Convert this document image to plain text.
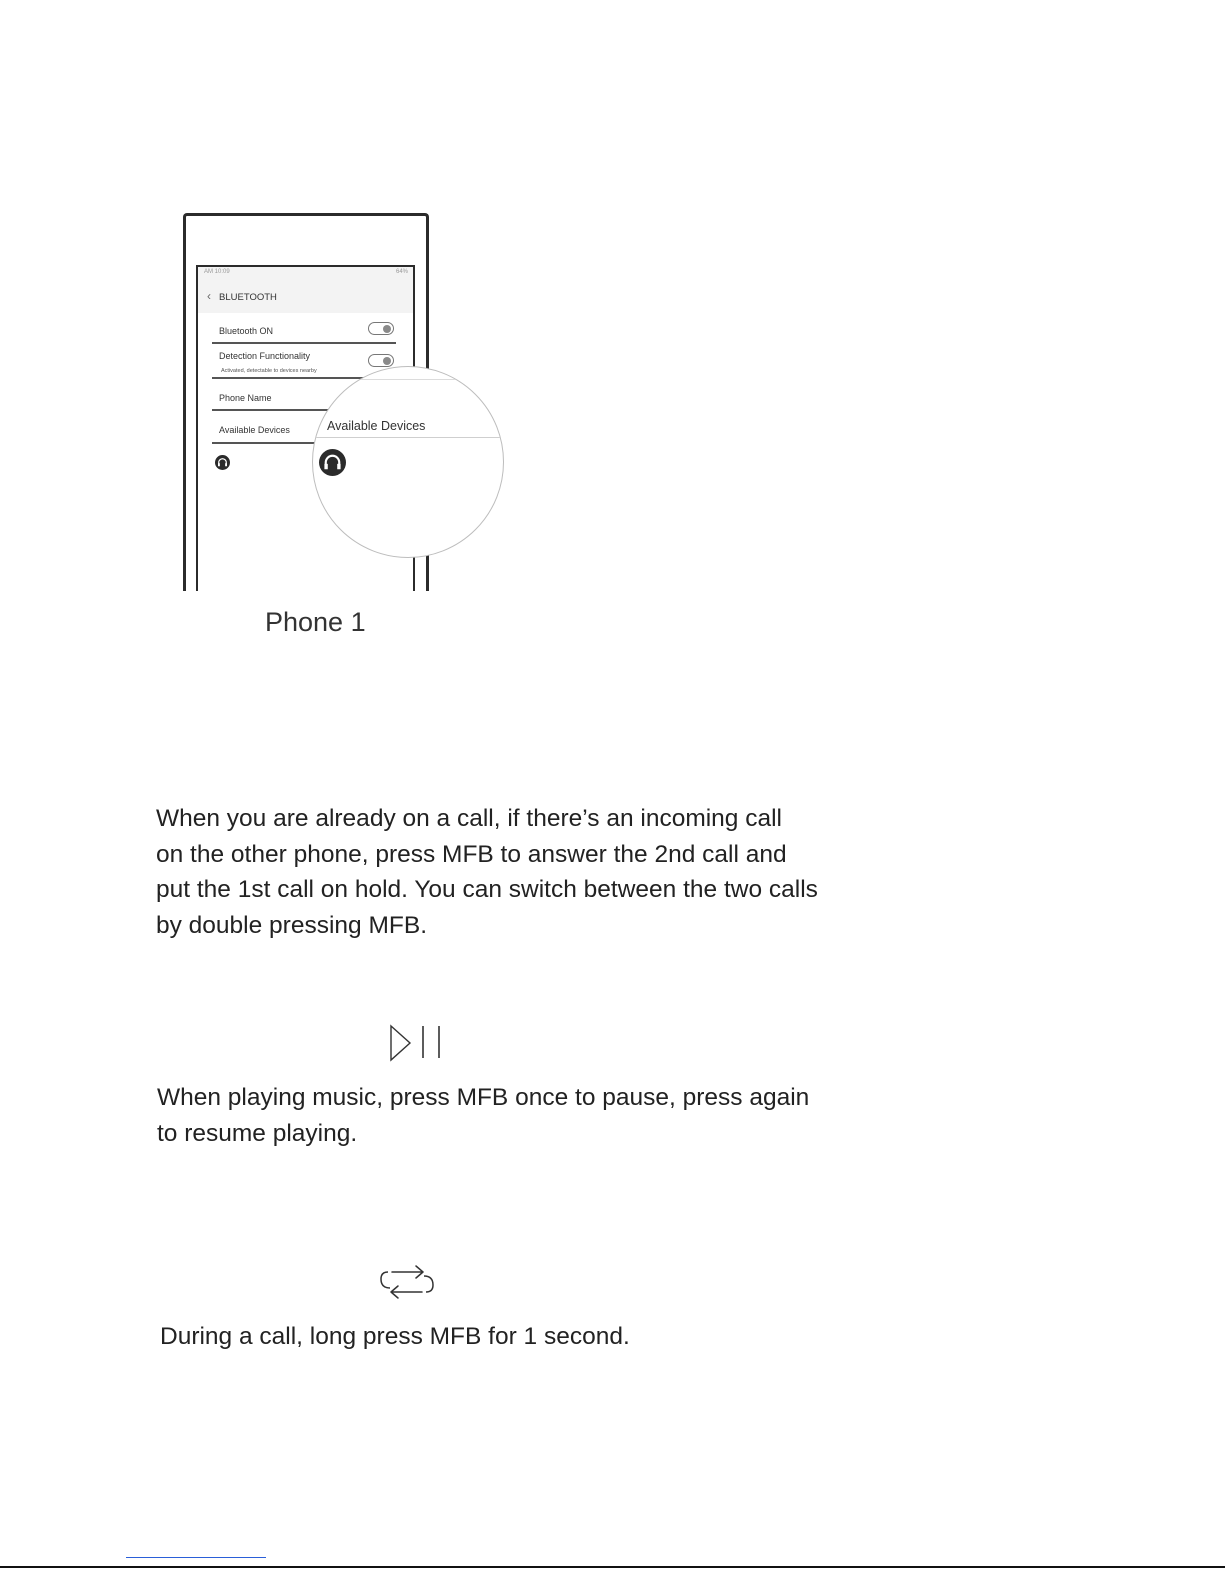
AM 10:09	64%
‹ BLUETOOTH
Bluetooth ON
Detection Functionality
Activated, detectable to devices nearby
Phone Name
Available Devices	Available Devices
Phone 1

When you are already on a call, if there’s an incoming call
on the other phone, press MFB to answer the 2nd call and
put the 1st call on hold. You can switch between the two calls
by double pressing MFB.

When playing music, press MFB once to pause, press again
to resume playing.

During a call, long press MFB for 1 second.
